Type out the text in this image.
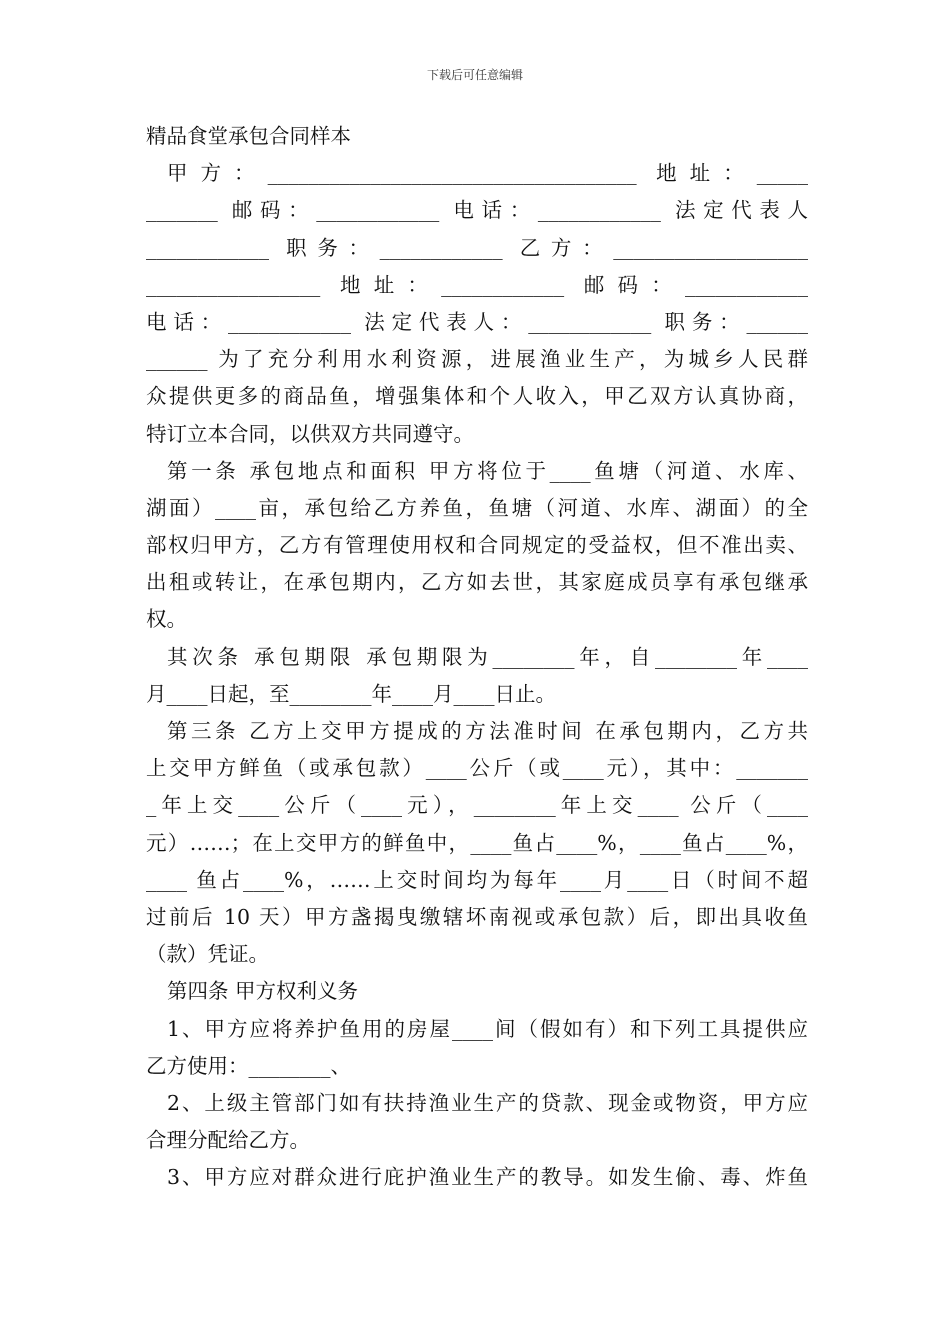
下载后可任意编辑
精品食堂承包合同样本
甲方：____________________________________ 地址：_____
_______ 邮码：____________ 电话：____________ 法定代表人
____________ 职务：____________ 乙方：___________________
_________________ 地址：____________ 邮码：____________
电话：____________ 法定代表人：____________ 职务：______
______ 为了充分利用水利资源，进展渔业生产，为城乡人民群
众提供更多的商品鱼，增强集体和个人收入，甲乙双方认真协商，
特订立本合同，以供双方共同遵守。
第一条 承包地点和面积 甲方将位于____鱼塘（河道、水库、
湖面）____亩，承包给乙方养鱼，鱼塘（河道、水库、湖面）的全
部权归甲方，乙方有管理使用权和合同规定的受益权，但不准出卖、
出租或转让，在承包期内，乙方如去世，其家庭成员享有承包继承
权。
其次条 承包期限 承包期限为________年，自________年____
月____日起，至________年____月____日止。
第三条 乙方上交甲方提成的方法准时间 在承包期内，乙方共
上交甲方鲜鱼（或承包款）____公斤（或____元），其中：_______
_年上交____公斤（____元），________年上交____ 公斤（____
元）……；在上交甲方的鲜鱼中，____鱼占____%，____鱼占____%，
____ 鱼占____%，……上交时间均为每年____月____日（时间不超
过前后 10 天）甲方盏揭曳缴辖坏南视或承包款）后，即出具收鱼
（款）凭证。
第四条 甲方权利义务
1、甲方应将养护鱼用的房屋____间（假如有）和下列工具提供应
乙方使用：________、
2、上级主管部门如有扶持渔业生产的贷款、现金或物资，甲方应
合理分配给乙方。
3、甲方应对群众进行庇护渔业生产的教导。如发生偷、毒、炸鱼
